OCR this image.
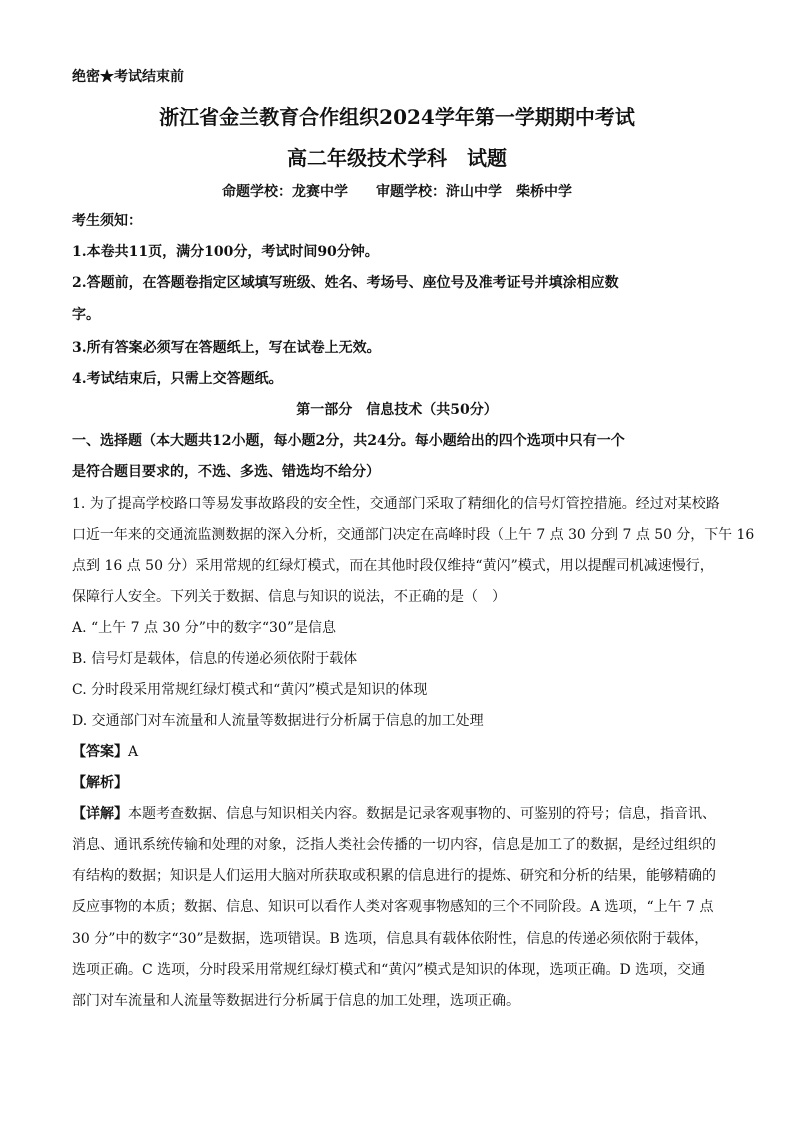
绝密★考试结束前
浙江省金兰教育合作组织2024学年第一学期期中考试
高二年级技术学科　试题
命题学校：龙赛中学　　审题学校：浒山中学　柴桥中学
考生须知：
1.本卷共11页，满分100分，考试时间90分钟。
2.答题前，在答题卷指定区域填写班级、姓名、考场号、座位号及准考证号并填涂相应数
字。
3.所有答案必须写在答题纸上，写在试卷上无效。
4.考试结束后，只需上交答题纸。
第一部分　信息技术（共50分）
一、选择题（本大题共12小题，每小题2分，共24分。每小题给出的四个选项中只有一个
是符合题目要求的，不选、多选、错选均不给分）
1. 为了提高学校路口等易发事故路段的安全性，交通部门采取了精细化的信号灯管控措施。经过对某校路
口近一年来的交通流监测数据的深入分析，交通部门决定在高峰时段（上午 7 点 30 分到 7 点 50 分，下午 16
点到 16 点 50 分）采用常规的红绿灯模式，而在其他时段仅维持“黄闪”模式，用以提醒司机减速慢行，
保障行人安全。下列关于数据、信息与知识的说法，不正确的是（　）
A. “上午 7 点 30 分”中的数字“30”是信息
B. 信号灯是载体，信息的传递必须依附于载体
C. 分时段采用常规红绿灯模式和“黄闪”模式是知识的体现
D. 交通部门对车流量和人流量等数据进行分析属于信息的加工处理
【答案】A
【解析】
【详解】本题考查数据、信息与知识相关内容。数据是记录客观事物的、可鉴别的符号；信息，指音讯、
消息、通讯系统传输和处理的对象，泛指人类社会传播的一切内容，信息是加工了的数据，是经过组织的
有结构的数据；知识是人们运用大脑对所获取或积累的信息进行的提炼、研究和分析的结果，能够精确的
反应事物的本质；数据、信息、知识可以看作人类对客观事物感知的三个不同阶段。A 选项，“上午 7 点
30 分”中的数字“30”是数据，选项错误。B 选项，信息具有载体依附性，信息的传递必须依附于载体，
选项正确。C 选项，分时段采用常规红绿灯模式和“黄闪”模式是知识的体现，选项正确。D 选项，交通
部门对车流量和人流量等数据进行分析属于信息的加工处理，选项正确。
